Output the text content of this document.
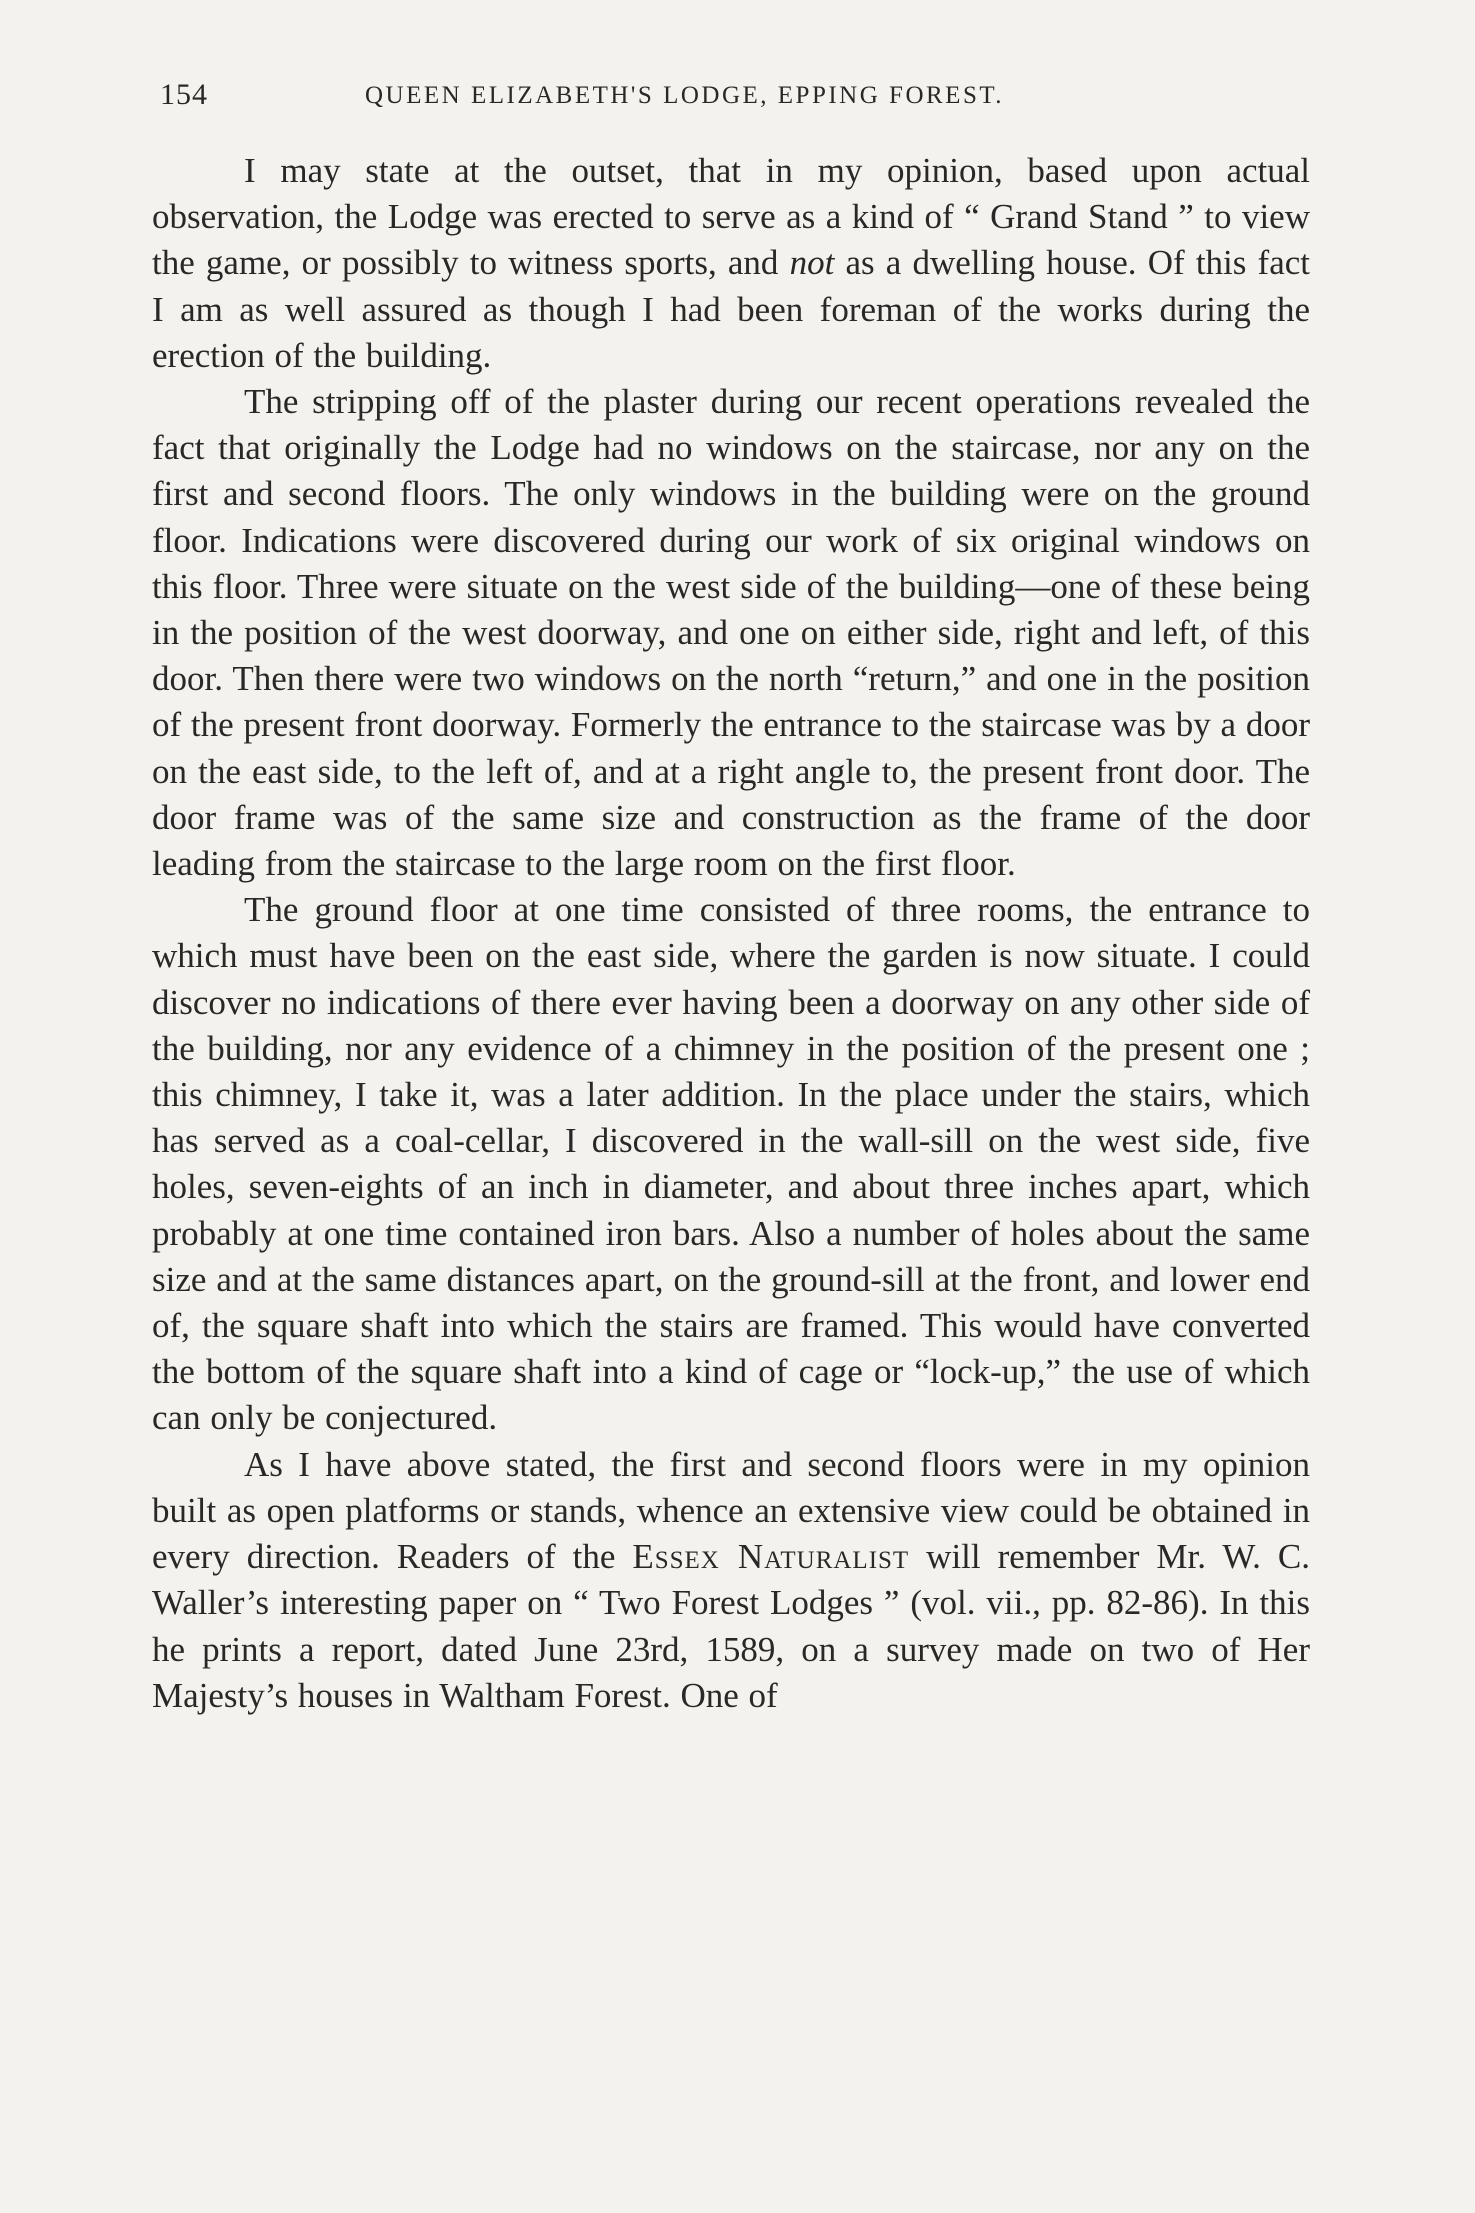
154	QUEEN ELIZABETH'S LODGE, EPPING FOREST.

I may state at the outset, that in my opinion, based upon actual observation, the Lodge was erected to serve as a kind of “ Grand Stand ” to view the game, or possibly to witness sports, and not as a dwelling house. Of this fact I am as well assured as though I had been foreman of the works during the erection of the building.

The stripping off of the plaster during our recent operations revealed the fact that originally the Lodge had no windows on the staircase, nor any on the first and second floors. The only windows in the building were on the ground floor. Indications were discovered during our work of six original windows on this floor. Three were situate on the west side of the building—one of these being in the position of the west doorway, and one on either side, right and left, of this door. Then there were two windows on the north “return,” and one in the position of the present front doorway. Formerly the entrance to the staircase was by a door on the east side, to the left of, and at a right angle to, the present front door. The door frame was of the same size and construction as the frame of the door leading from the staircase to the large room on the first floor.

The ground floor at one time consisted of three rooms, the entrance to which must have been on the east side, where the garden is now situate. I could discover no indications of there ever having been a doorway on any other side of the building, nor any evidence of a chimney in the position of the present one ; this chimney, I take it, was a later addition. In the place under the stairs, which has served as a coal-cellar, I discovered in the wall-sill on the west side, five holes, seven-eights of an inch in diameter, and about three inches apart, which probably at one time contained iron bars. Also a number of holes about the same size and at the same distances apart, on the ground-sill at the front, and lower end of, the square shaft into which the stairs are framed. This would have converted the bottom of the square shaft into a kind of cage or “lock-up,” the use of which can only be conjectured.

As I have above stated, the first and second floors were in my opinion built as open platforms or stands, whence an extensive view could be obtained in every direction. Readers of the Essex Naturalist will remember Mr. W. C. Waller’s interesting paper on “ Two Forest Lodges ” (vol. vii., pp. 82-86). In this he prints a report, dated June 23rd, 1589, on a survey made on two of Her Majesty’s houses in Waltham Forest. One of
